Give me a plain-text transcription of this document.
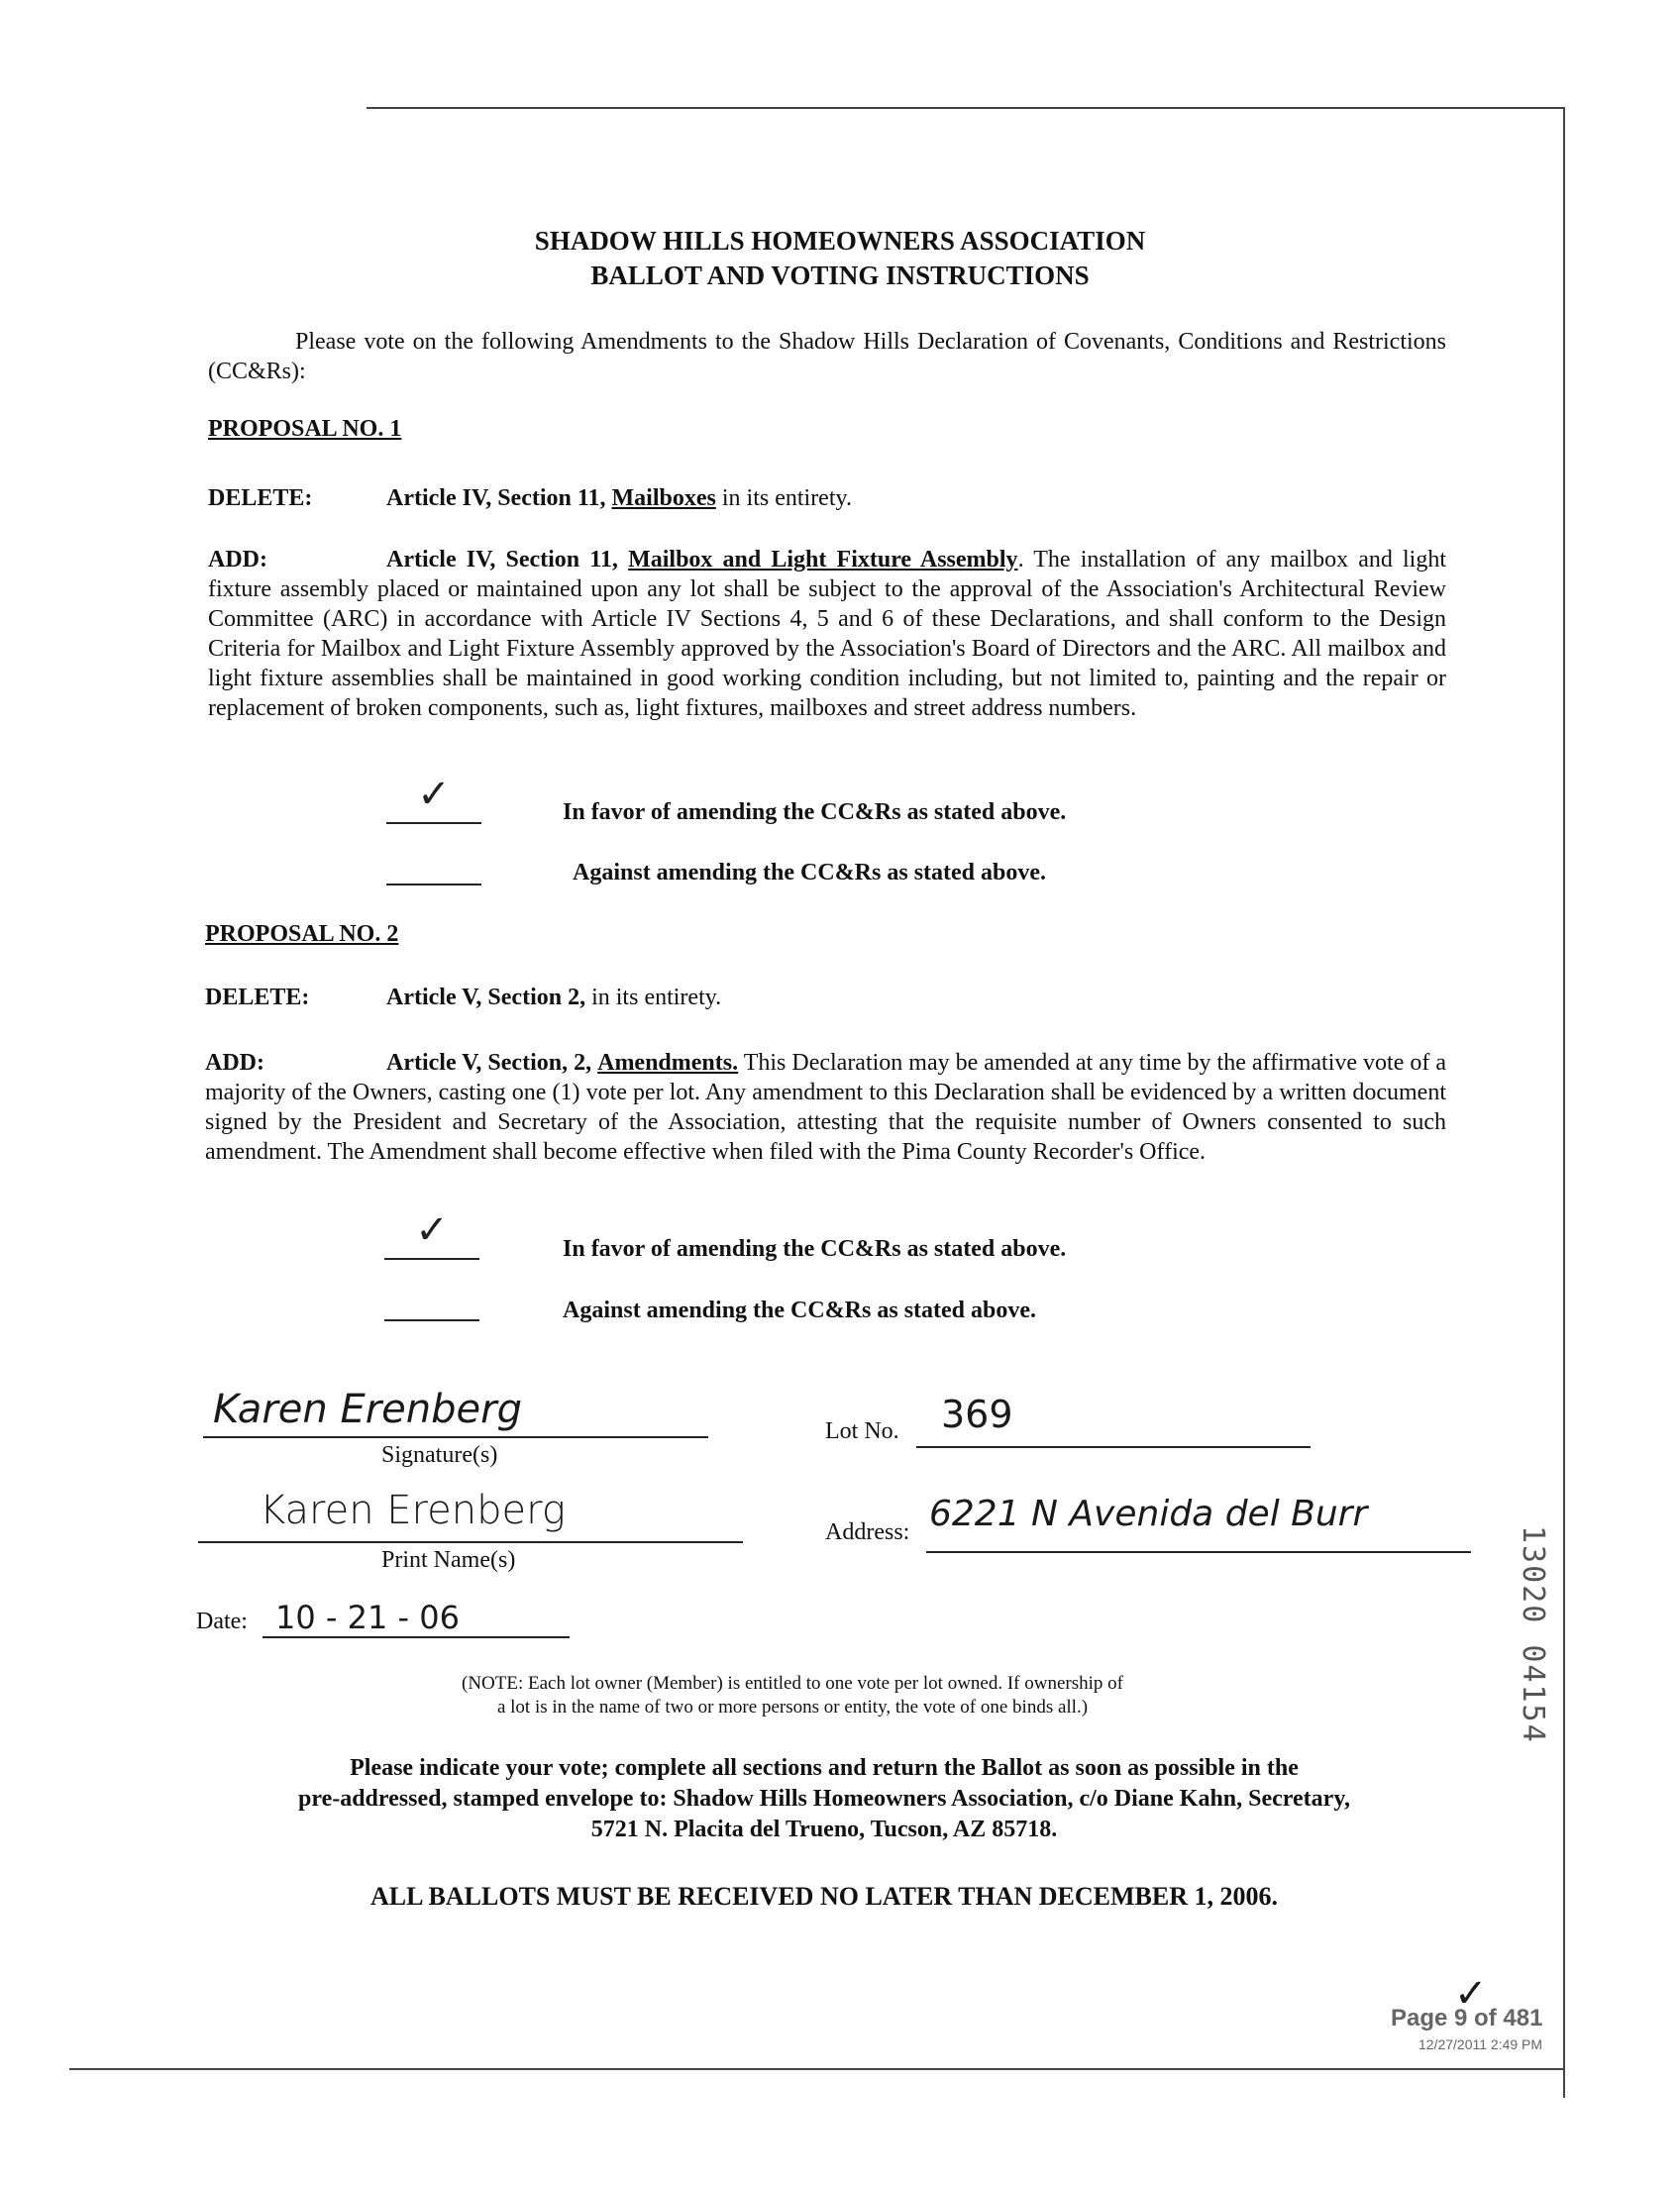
SHADOW HILLS HOMEOWNERS ASSOCIATION
BALLOT AND VOTING INSTRUCTIONS
Please vote on the following Amendments to the Shadow Hills Declaration of Covenants, Conditions and Restrictions (CC&Rs):
PROPOSAL NO. 1
DELETE:	Article IV, Section 11, Mailboxes in its entirety.
ADD:	Article IV, Section 11, Mailbox and Light Fixture Assembly. The installation of any mailbox and light fixture assembly placed or maintained upon any lot shall be subject to the approval of the Association's Architectural Review Committee (ARC) in accordance with Article IV Sections 4, 5 and 6 of these Declarations, and shall conform to the Design Criteria for Mailbox and Light Fixture Assembly approved by the Association's Board of Directors and the ARC. All mailbox and light fixture assemblies shall be maintained in good working condition including, but not limited to, painting and the repair or replacement of broken components, such as, light fixtures, mailboxes and street address numbers.
✓	In favor of amending the CC&Rs as stated above.
Against amending the CC&Rs as stated above.
PROPOSAL NO. 2
DELETE:	Article V, Section 2, in its entirety.
ADD:	Article V, Section, 2, Amendments. This Declaration may be amended at any time by the affirmative vote of a majority of the Owners, casting one (1) vote per lot. Any amendment to this Declaration shall be evidenced by a written document signed by the President and Secretary of the Association, attesting that the requisite number of Owners consented to such amendment. The Amendment shall become effective when filed with the Pima County Recorder's Office.
✓	In favor of amending the CC&Rs as stated above.
Against amending the CC&Rs as stated above.
Karen Erenberg
Signature(s)
Lot No. 369
Karen Erenberg
Print Name(s)
Address: 6221 N Avenida del Burr
Date: 10 - 21 - 06
(NOTE: Each lot owner (Member) is entitled to one vote per lot owned. If ownership of
a lot is in the name of two or more persons or entity, the vote of one binds all.)
Please indicate your vote; complete all sections and return the Ballot as soon as possible in the
pre-addressed, stamped envelope to: Shadow Hills Homeowners Association, c/o Diane Kahn, Secretary,
5721 N. Placita del Trueno, Tucson, AZ 85718.
ALL BALLOTS MUST BE RECEIVED NO LATER THAN DECEMBER 1, 2006.
13020 04154
✓
Page 9 of 481
12/27/2011 2:49 PM
